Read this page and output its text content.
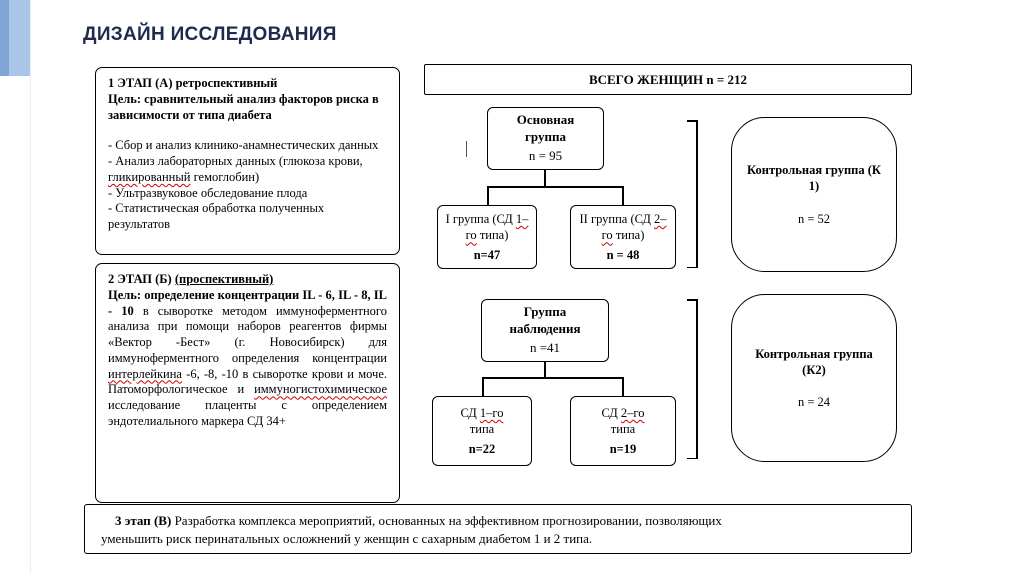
ДИЗАЙН ИССЛЕДОВАНИЯ

1 ЭТАП (А) ретроспективный

Цель: сравнительный анализ факторов риска в зависимости от типа диабета

- Сбор и анализ клинико-анамнестических данных

- Анализ лабораторных данных (глюкоза крови, гликированный гемоглобин)

- Ультразвуковое обследование плода

- Статистическая обработка полученных результатов

2 ЭТАП (Б) (проспективный)

Цель: определение концентрации IL - 6, IL - 8, IL - 10 в сыворотке методом иммуноферментного анализа при помощи наборов реагентов фирмы «Вектор -Бест» (г. Новосибирск) для иммуноферментного определения концентрации интерлейкина -6, -8, -10 в сыворотке крови и моче. Патоморфологическое и иммуногистохимическое исследование плаценты с определением эндотелиального маркера СД 34+

ВСЕГО ЖЕНЩИН n = 212
Основная группа
n = 95
I группа (СД 1–го типа)
n=47
II группа (СД 2–го типа)
n = 48
Контрольная группа (К 1)
n = 52
Группа наблюдения
n =41
СД 1–го типа
n=22
СД 2–го типа
n=19
Контрольная группа (К2)
n = 24

3 этап (В) Разработка комплекса мероприятий, основанных на эффективном прогнозировании, позволяющих

уменьшить риск перинатальных осложнений у женщин с сахарным диабетом 1 и 2 типа.
